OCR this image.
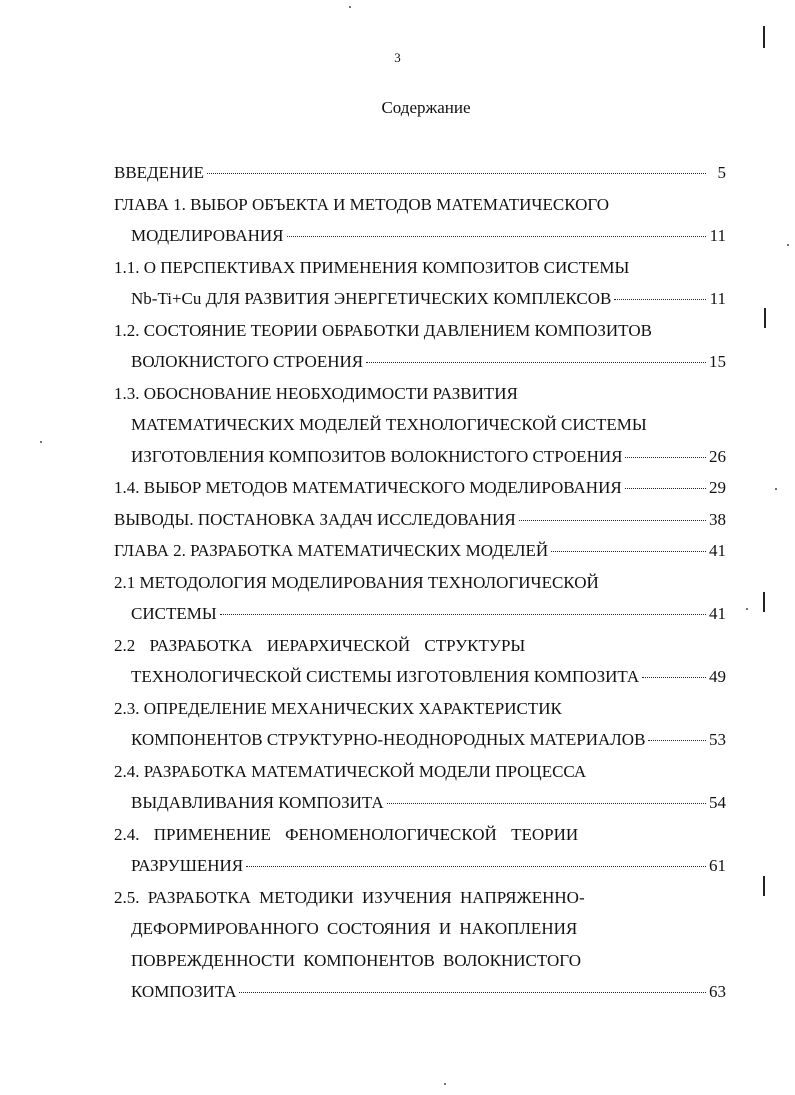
3
Содержание
ВВЕДЕНИЕ	5
ГЛАВА 1. ВЫБОР ОБЪЕКТА И МЕТОДОВ МАТЕМАТИЧЕСКОГО
МОДЕЛИРОВАНИЯ	11
1.1. О ПЕРСПЕКТИВАХ ПРИМЕНЕНИЯ КОМПОЗИТОВ СИСТЕМЫ
Nb-Ti+Cu ДЛЯ РАЗВИТИЯ ЭНЕРГЕТИЧЕСКИХ КОМПЛЕКСОВ	11
1.2. СОСТОЯНИЕ ТЕОРИИ ОБРАБОТКИ ДАВЛЕНИЕМ КОМПОЗИТОВ
ВОЛОКНИСТОГО СТРОЕНИЯ	15
1.3. ОБОСНОВАНИЕ НЕОБХОДИМОСТИ РАЗВИТИЯ
МАТЕМАТИЧЕСКИХ МОДЕЛЕЙ ТЕХНОЛОГИЧЕСКОЙ СИСТЕМЫ
ИЗГОТОВЛЕНИЯ КОМПОЗИТОВ ВОЛОКНИСТОГО СТРОЕНИЯ	26
1.4. ВЫБОР МЕТОДОВ МАТЕМАТИЧЕСКОГО МОДЕЛИРОВАНИЯ	29
ВЫВОДЫ. ПОСТАНОВКА ЗАДАЧ ИССЛЕДОВАНИЯ	38
ГЛАВА 2. РАЗРАБОТКА МАТЕМАТИЧЕСКИХ МОДЕЛЕЙ	41
2.1 МЕТОДОЛОГИЯ МОДЕЛИРОВАНИЯ ТЕХНОЛОГИЧЕСКОЙ
СИСТЕМЫ	41
2.2 РАЗРАБОТКА ИЕРАРХИЧЕСКОЙ СТРУКТУРЫ
ТЕХНОЛОГИЧЕСКОЙ СИСТЕМЫ ИЗГОТОВЛЕНИЯ КОМПОЗИТА	49
2.3. ОПРЕДЕЛЕНИЕ МЕХАНИЧЕСКИХ ХАРАКТЕРИСТИК
КОМПОНЕНТОВ СТРУКТУРНО-НЕОДНОРОДНЫХ МАТЕРИАЛОВ	53
2.4. РАЗРАБОТКА МАТЕМАТИЧЕСКОЙ МОДЕЛИ ПРОЦЕССА
ВЫДАВЛИВАНИЯ КОМПОЗИТА	54
2.4. ПРИМЕНЕНИЕ ФЕНОМЕНОЛОГИЧЕСКОЙ ТЕОРИИ
РАЗРУШЕНИЯ	61
2.5. РАЗРАБОТКА МЕТОДИКИ ИЗУЧЕНИЯ НАПРЯЖЕННО-
ДЕФОРМИРОВАННОГО СОСТОЯНИЯ И НАКОПЛЕНИЯ
ПОВРЕЖДЕННОСТИ КОМПОНЕНТОВ ВОЛОКНИСТОГО
КОМПОЗИТА	63
